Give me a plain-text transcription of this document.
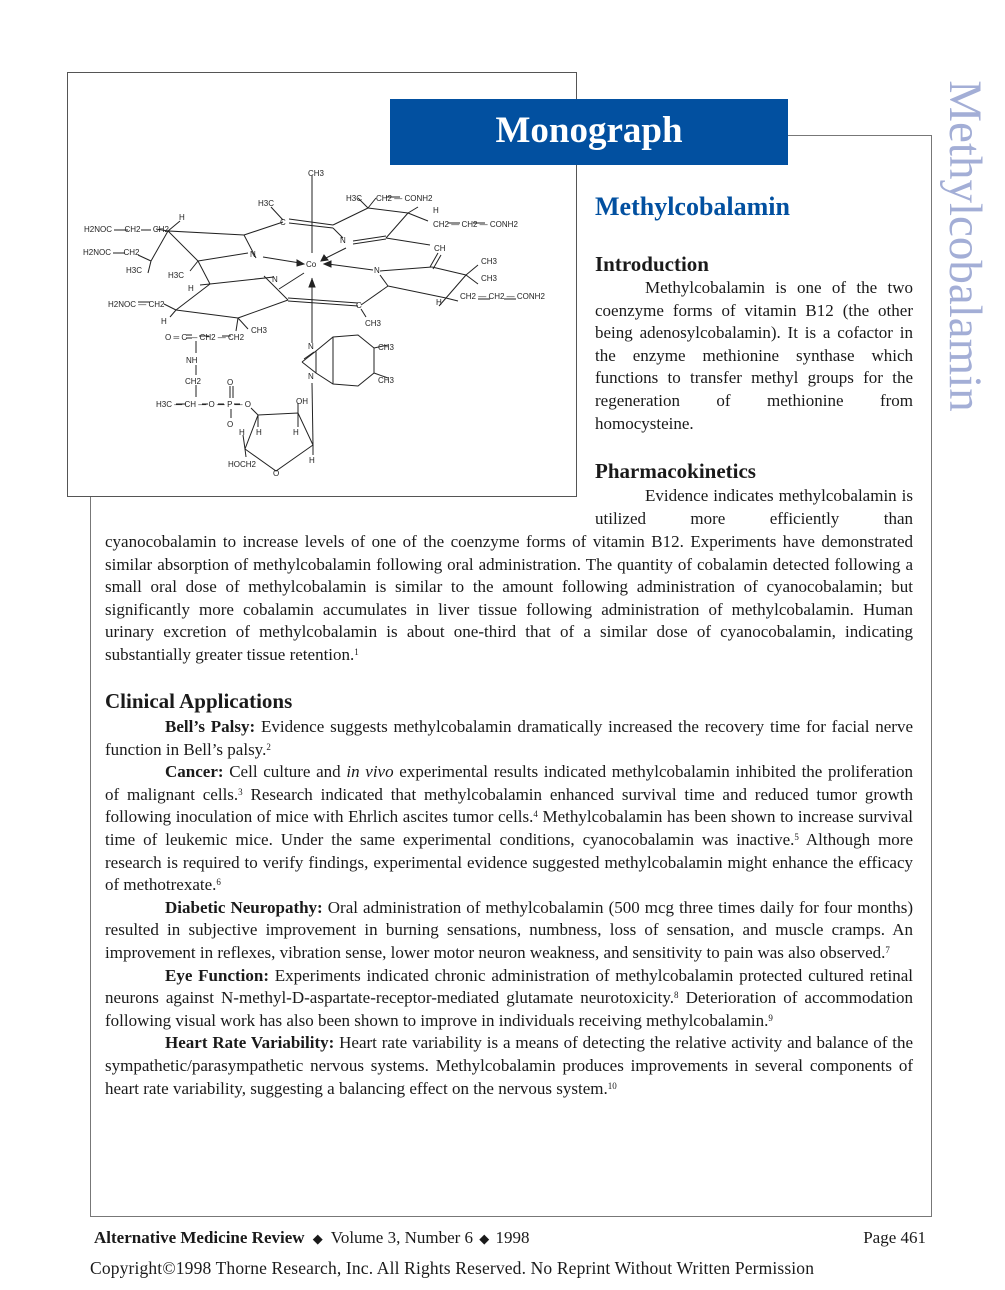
CH3
H3C
C
H3C CH2 — CONH2
H
CH2 — CH2 — CONH2
N
CH
CH3
CH3
N
H
CH2 — CH2 — CONH2
C
CH3
H2NOC — CH2 — CH2
H
H2NOC — CH2
H3C
N
Co
H3C
H
N
H2NOC — CH2
H
CH3
O ═ C — CH2 — CH2
NH
CH2
H3C — CH — O — P — O
O
O
OH
H H	H
H
HOCH2
O
N
N
CH3
CH3
Monograph	Methylcobalamin
Methylcobalamin
Introduction

Methylcobalamin is one of the two coenzyme forms of vitamin B12 (the other being adenosylcobalamin). It is a cofactor in the enzyme methionine synthase which functions to transfer methyl groups for the regeneration of methionine from homocysteine.

Pharmacokinetics

Evidence indicates methylcobalamin is utilized more efficiently than

cyanocobalamin to increase levels of one of the coenzyme forms of vitamin B12. Experiments have demonstrated similar absorption of methylcobalamin following oral administration. The quantity of cobalamin detected following a small oral dose of methylcobalamin is similar to the amount following administration of cyanocobalamin; but significantly more cobalamin accumulates in liver tissue following administration of methylcobalamin. Human urinary excretion of methylcobalamin is about one-third that of a similar dose of cyanocobalamin, indicating substantially greater tissue retention.$^1$

Clinical Applications

Bell’s Palsy: Evidence suggests methylcobalamin dramatically increased the recovery time for facial nerve function in Bell’s palsy.$^2$

Cancer: Cell culture and in vivo experimental results indicated methylcobalamin inhibited the proliferation of malignant cells.$^3$ Research indicated that methylcobalamin enhanced survival time and reduced tumor growth following inoculation of mice with Ehrlich ascites tumor cells.$^4$ Methylcobalamin has been shown to increase survival time of leukemic mice. Under the same experimental conditions, cyanocobalamin was inactive.$^5$ Although more research is required to verify findings, experimental evidence suggested methylcobalamin might enhance the efficacy of methotrexate.$^6$

Diabetic Neuropathy: Oral administration of methylcobalamin (500 mcg three times daily for four months) resulted in subjective improvement in burning sensations, numbness, loss of sensation, and muscle cramps. An improvement in reflexes, vibration sense, lower motor neuron weakness, and sensitivity to pain was also observed.$^7$

Eye Function: Experiments indicated chronic administration of methylcobalamin protected cultured retinal neurons against N-methyl-D-aspartate-receptor-mediated glutamate neurotoxicity.$^8$ Deterioration of accommodation following visual work has also been shown to improve in individuals receiving methylcobalamin.$^9$

Heart Rate Variability: Heart rate variability is a means of detecting the relative activity and balance of the sympathetic/parasympathetic nervous systems. Methylcobalamin produces improvements in several components of heart rate variability, suggesting a balancing effect on the nervous system.$^{10}$

Alternative Medicine Review ◆ Volume 3, Number 6 ◆ 1998	Page 461
Copyright©1998 Thorne Research, Inc. All Rights Reserved. No Reprint Without Written Permission
